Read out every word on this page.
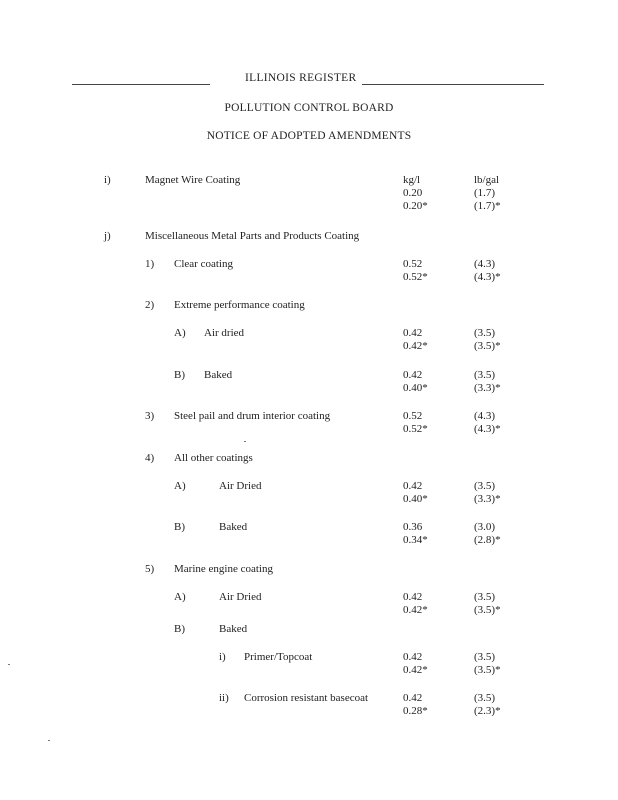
ILLINOIS REGISTER
POLLUTION CONTROL BOARD
NOTICE OF ADOPTED AMENDMENTS
i)	Magnet Wire Coating	kg/l	lb/gal
0.20	(1.7)
0.20*	(1.7)*
j)	Miscellaneous Metal Parts and Products Coating
1) Clear coating	0.52	(4.3)
0.52*	(4.3)*
2) Extreme performance coating
A) Air dried	0.42	(3.5)
0.42*	(3.5)*
B) Baked	0.42	(3.5)
0.40*	(3.3)*
3) Steel pail and drum interior coating	0.52	(4.3)
0.52*	(4.3)*
4) All other coatings
A)	Air Dried	0.42	(3.5)
0.40*	(3.3)*
B)	Baked	0.36	(3.0)
0.34*	(2.8)*
5) Marine engine coating
A)	Air Dried	0.42	(3.5)
0.42*	(3.5)*
B)	Baked
i) Primer/Topcoat	0.42	(3.5)
0.42*	(3.5)*
ii) Corrosion resistant basecoat	0.42	(3.5)
0.28*	(2.3)*
